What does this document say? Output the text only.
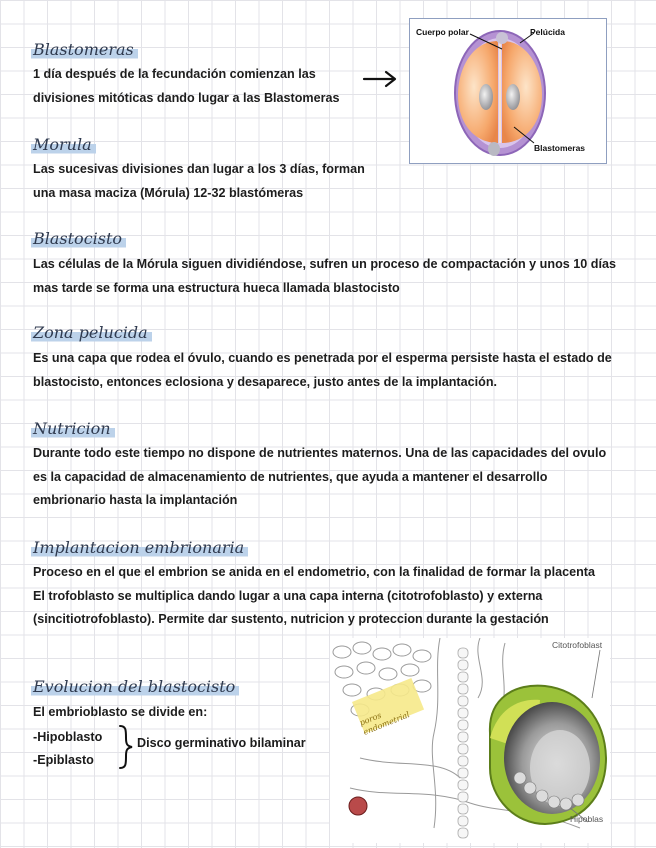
Blastomeras
1 día después de la fecundación comienzan las
divisiones mitóticas dando lugar a las Blastomeras
Cuerpo polar	Pelúcida
Blastomeras
Morula
Las sucesivas divisiones dan lugar a los 3 días, forman
una masa maciza (Mórula) 12-32 blastómeras
Blastocisto
Las células de la Mórula siguen dividiéndose, sufren un proceso de compactación y unos 10 días
mas tarde se forma una estructura hueca llamada blastocisto
Zona pelucida
Es una capa que rodea el óvulo, cuando es penetrada por el esperma persiste hasta el estado de
blastocisto, entonces eclosiona y desaparece, justo antes de la implantación.
Nutricion
Durante todo este tiempo no dispone de nutrientes maternos. Una de las capacidades del ovulo
es la capacidad de almacenamiento de nutrientes, que ayuda a mantener el desarrollo
embrionario hasta la implantación
Implantacion embrionaria
Proceso en el que el embrion se anida en el endometrio, con la finalidad de formar la placenta
El trofoblasto se multiplica dando lugar a una capa interna (citotrofoblasto) y externa
(sincitiotrofoblasto). Permite dar sustento, nutricion y proteccion durante la gestación
Citotrofoblast
Hipoblas
poros endometrial
Evolucion del blastocisto
El embrioblasto se divide en:
-Hipoblasto
-Epiblasto
Disco germinativo bilaminar
